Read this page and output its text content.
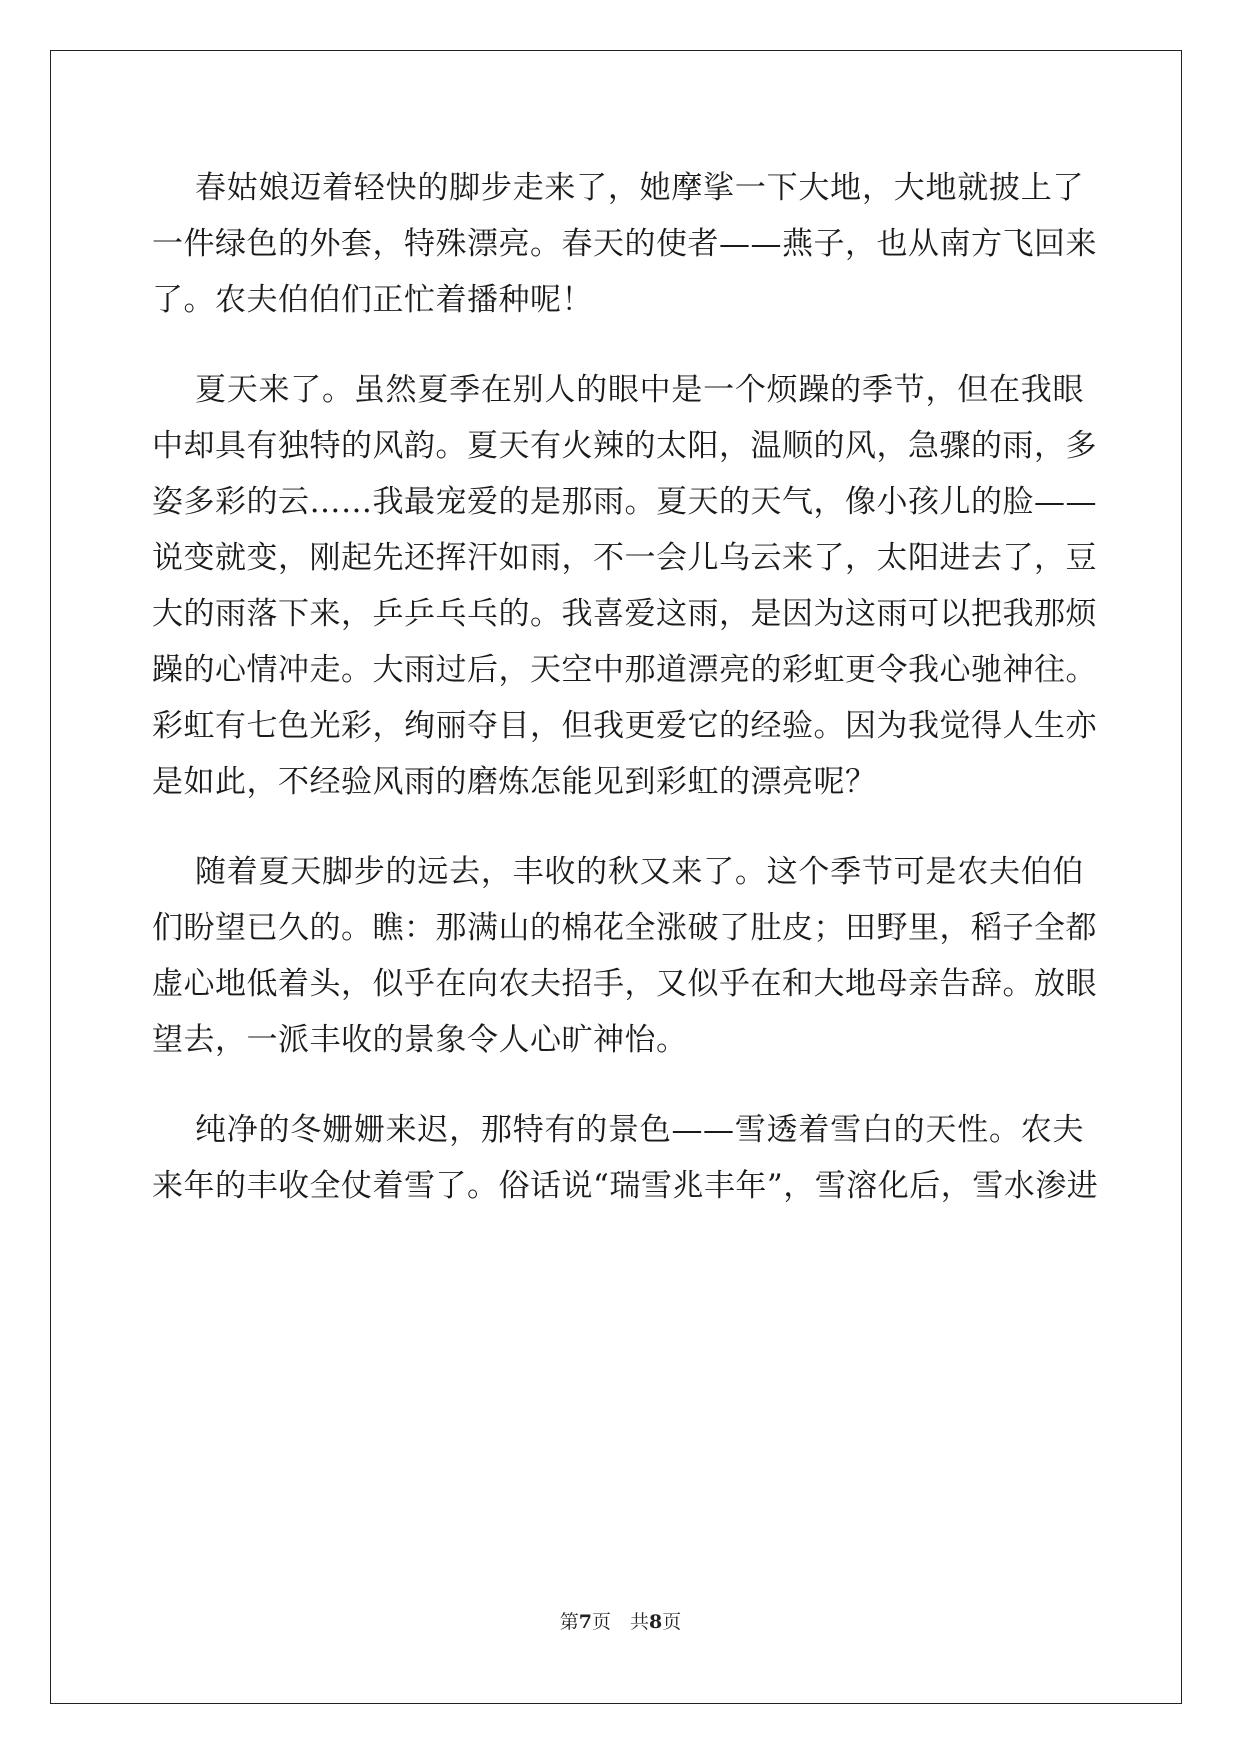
春姑娘迈着轻快的脚步走来了，她摩挲一下大地，大地就披上了
一件绿色的外套，特殊漂亮。春天的使者——燕子，也从南方飞回来
了。农夫伯伯们正忙着播种呢！
夏天来了。虽然夏季在别人的眼中是一个烦躁的季节，但在我眼
中却具有独特的风韵。夏天有火辣的太阳，温顺的风，急骤的雨，多
姿多彩的云……我最宠爱的是那雨。夏天的天气，像小孩儿的脸——
说变就变，刚起先还挥汗如雨，不一会儿乌云来了，太阳进去了，豆
大的雨落下来，乒乒乓乓的。我喜爱这雨，是因为这雨可以把我那烦
躁的心情冲走。大雨过后，天空中那道漂亮的彩虹更令我心驰神往。
彩虹有七色光彩，绚丽夺目，但我更爱它的经验。因为我觉得人生亦
是如此，不经验风雨的磨炼怎能见到彩虹的漂亮呢？
随着夏天脚步的远去，丰收的秋又来了。这个季节可是农夫伯伯
们盼望已久的。瞧：那满山的棉花全涨破了肚皮；田野里，稻子全都
虚心地低着头，似乎在向农夫招手，又似乎在和大地母亲告辞。放眼
望去，一派丰收的景象令人心旷神怡。
纯净的冬姗姗来迟，那特有的景色——雪透着雪白的天性。农夫
来年的丰收全仗着雪了。俗话说“瑞雪兆丰年”，雪溶化后，雪水渗进
第7页　共8页
